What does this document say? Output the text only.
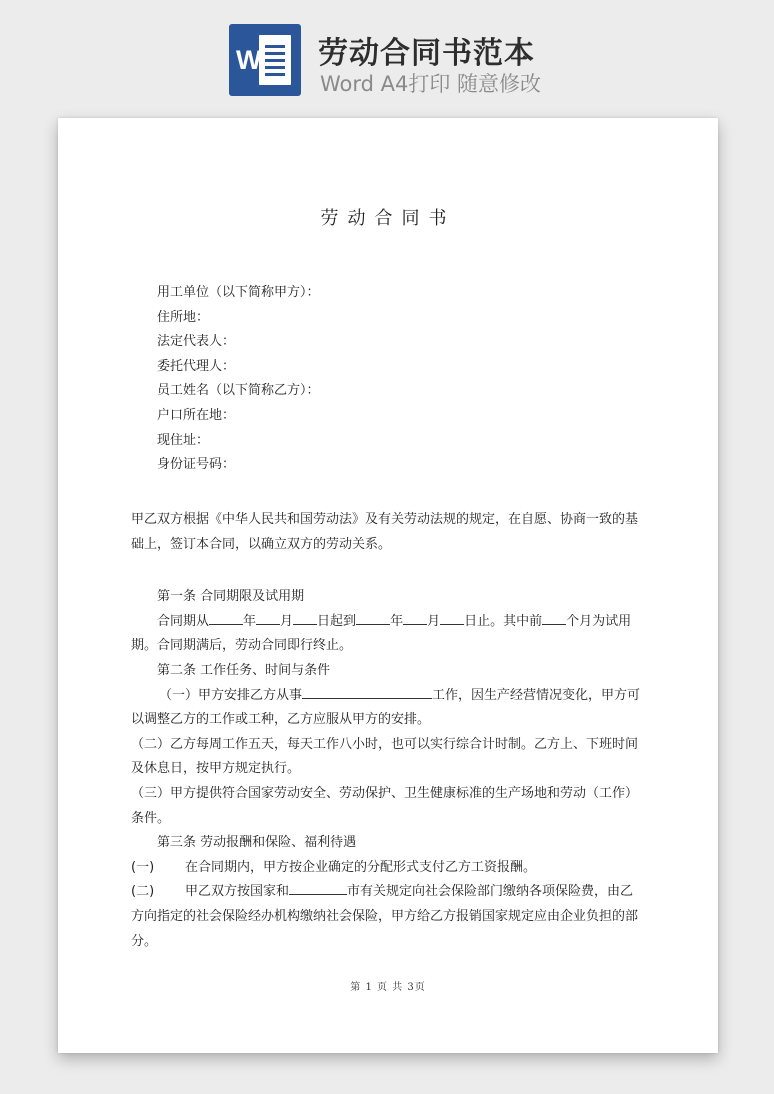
W 劳动合同书范本
Word A4打印 随意修改
劳动合同书
用工单位（以下简称甲方）：
住所地：
法定代表人：
委托代理人：
员工姓名（以下简称乙方）：
户口所在地：
现住址：
身份证号码：
甲乙双方根据《中华人民共和国劳动法》及有关劳动法规的规定，在自愿、协商一致的基础上，签订本合同，以确立双方的劳动关系。
第一条 合同期限及试用期
合同期从	年 月 日起到	年 月 日止。其中前 个月为试用期。合同期满后，劳动合同即行终止。
第二条 工作任务、时间与条件
（一）甲方安排乙方从事	工作，因生产经营情况变化，甲方可以调整乙方的工作或工种，乙方应服从甲方的安排。
（二）乙方每周工作五天，每天工作八小时，也可以实行综合计时制。乙方上、下班时间及休息日，按甲方规定执行。
（三）甲方提供符合国家劳动安全、劳动保护、卫生健康标准的生产场地和劳动（工作）条件。
第三条 劳动报酬和保险、福利待遇
(一) 在合同期内，甲方按企业确定的分配形式支付乙方工资报酬。
(二) 甲乙双方按国家和	市有关规定向社会保险部门缴纳各项保险费，由乙方向指定的社会保险经办机构缴纳社会保险，甲方给乙方报销国家规定应由企业负担的部分。
第 1 页 共 3页
